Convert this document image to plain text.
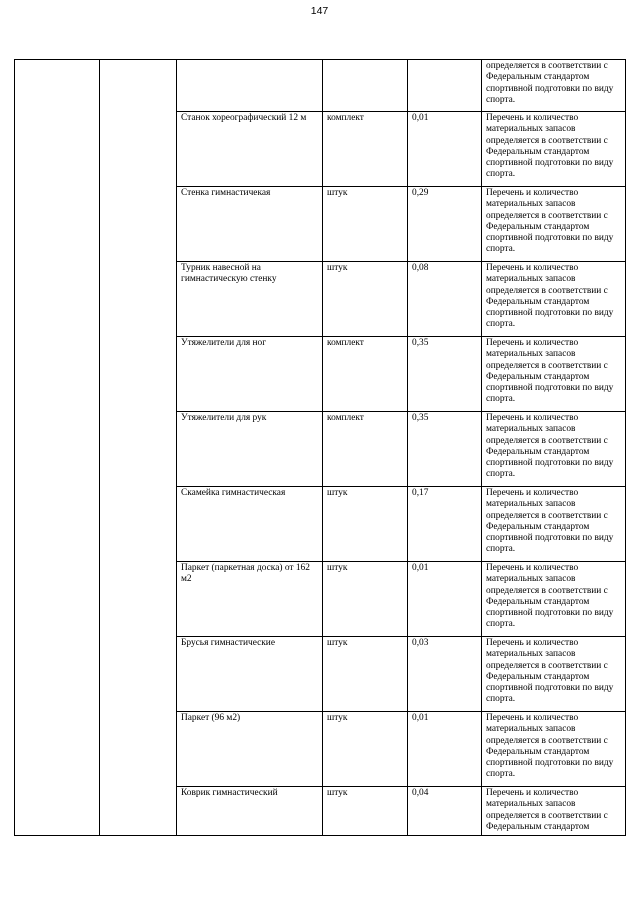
147
					определяется в соответствии с Федеральным стандартом спортивной подготовки по виду спорта.
		Станок хореографический 12 м	комплект	0,01	Перечень и количество материальных запасов определяется в соответствии с Федеральным стандартом спортивной подготовки по виду спорта.
		Стенка гимнастичекая	штук	0,29	Перечень и количество материальных запасов определяется в соответствии с Федеральным стандартом спортивной подготовки по виду спорта.
		Турник навесной на гимнастическую стенку	штук	0,08	Перечень и количество материальных запасов определяется в соответствии с Федеральным стандартом спортивной подготовки по виду спорта.
		Утяжелители для ног	комплект	0,35	Перечень и количество материальных запасов определяется в соответствии с Федеральным стандартом спортивной подготовки по виду спорта.
		Утяжелители для рук	комплект	0,35	Перечень и количество материальных запасов определяется в соответствии с Федеральным стандартом спортивной подготовки по виду спорта.
		Скамейка гимнастическая	штук	0,17	Перечень и количество материальных запасов определяется в соответствии с Федеральным стандартом спортивной подготовки по виду спорта.
		Паркет (паркетная доска) от 162 м2	штук	0,01	Перечень и количество материальных запасов определяется в соответствии с Федеральным стандартом спортивной подготовки по виду спорта.
		Брусья гимнастические	штук	0,03	Перечень и количество материальных запасов определяется в соответствии с Федеральным стандартом спортивной подготовки по виду спорта.
		Паркет (96 м2)	штук	0,01	Перечень и количество материальных запасов определяется в соответствии с Федеральным стандартом спортивной подготовки по виду спорта.
		Коврик гимнастический	штук	0,04	Перечень и количество материальных запасов определяется в соответствии с Федеральным стандартом
